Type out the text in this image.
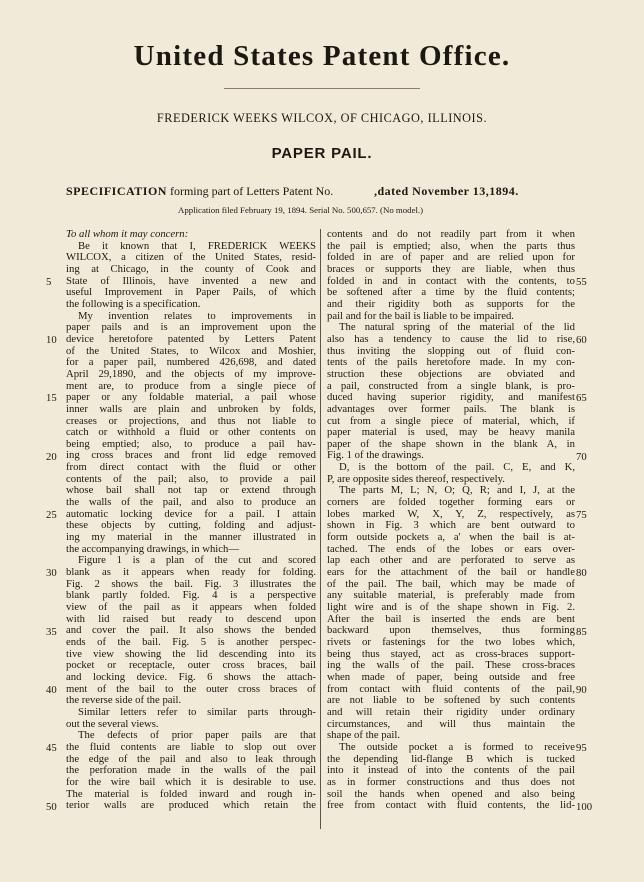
United States Patent Office.
FREDERICK WEEKS WILCOX, OF CHICAGO, ILLINOIS.
PAPER PAIL.
SPECIFICATION forming part of Letters Patent No.	,dated November 13,1894.
Application filed February 19, 1894. Serial No. 500,657. (No model.)
To all whom it may concern:
Be it known that I, FREDERICK WEEKS
WILCOX, a citizen of the United States, resid-
ing at Chicago, in the county of Cook and
State of Illinois, have invented a new and
useful Improvement in Paper Pails, of which
the following is a specification.
My invention relates to improvements in
paper pails and is an improvement upon the
device heretofore patented by Letters Patent
of the United States, to Wilcox and Moshier,
for a paper pail, numbered 426,698, and dated
April 29,1890, and the objects of my improve-
ment are, to produce from a single piece of
paper or any foldable material, a pail whose
inner walls are plain and unbroken by folds,
creases or projections, and thus not liable to
catch or withhold a fluid or other contents on
being emptied; also, to produce a pail hav-
ing cross braces and front lid edge removed
from direct contact with the fluid or other
contents of the pail; also, to provide a pail
whose bail shall not tap or extend through
the walls of the pail, and also to produce an
automatic locking device for a pail. I attain
these objects by cutting, folding and adjust-
ing my material in the manner illustrated in
the accompanying drawings, in which—
Figure 1 is a plan of the cut and scored
blank as it appears when ready for folding.
Fig. 2 shows the bail. Fig. 3 illustrates the
blank partly folded. Fig. 4 is a perspective
view of the pail as it appears when folded
with lid raised but ready to descend upon
and cover the pail. It also shows the bended
ends of the bail. Fig. 5 is another perspec-
tive view showing the lid descending into its
pocket or receptacle, outer cross braces, bail
and locking device. Fig. 6 shows the attach-
ment of the bail to the outer cross braces of
the reverse side of the pail.
Similar letters refer to similar parts through-
out the several views.
The defects of prior paper pails are that
the fluid contents are liable to slop out over
the edge of the pail and also to leak through
the perforation made in the walls of the pail
for the wire bail which it is desirable to use.
The material is folded inward and rough in-
terior walls are produced which retain the
contents and do not readily part from it when
the pail is emptied; also, when the parts thus
folded in are of paper and are relied upon for
braces or supports they are liable, when thus
folded in and in contact with the contents, to
be softened after a time by the fluid contents;
and their rigidity both as supports for the
pail and for the bail is liable to be impaired.
The natural spring of the material of the lid
also has a tendency to cause the lid to rise,
thus inviting the slopping out of fluid con-
tents of the pails heretofore made. In my con-
struction these objections are obviated and
a pail, constructed from a single blank, is pro-
duced having superior rigidity, and manifest
advantages over former pails. The blank is
cut from a single piece of material, which, if
paper material is used, may be heavy manila
paper of the shape shown in the blank A, in
Fig. 1 of the drawings.
D, is the bottom of the pail. C, E, and K,
P, are opposite sides thereof, respectively.
The parts M, L; N, O; Q, R; and I, J, at the
corners are folded together forming ears or
lobes marked W, X, Y, Z, respectively, as
shown in Fig. 3 which are bent outward to
form outside pockets a, a' when the bail is at-
tached. The ends of the lobes or ears over-
lap each other and are perforated to serve as
ears for the attachment of the bail or handle
of the pail. The bail, which may be made of
any suitable material, is preferably made from
light wire and is of the shape shown in Fig. 2.
After the bail is inserted the ends are bent
backward upon themselves, thus forming
rivets or fastenings for the two lobes which,
being thus stayed, act as cross-braces support-
ing the walls of the pail. These cross-braces
when made of paper, being outside and free
from contact with fluid contents of the pail,
are not liable to be softened by such contents
and will retain their rigidity under ordinary
circumstances, and will thus maintain the
shape of the pail.
The outside pocket a is formed to receive
the depending lid-flange B which is tucked
into it instead of into the contents of the pail
as in former constructions and thus does not
soil the hands when opened and also being
free from contact with fluid contents, the lid-
5
10
15
20
25
30
35
40
45
50
55
60
65
70
75
80
85
90
95
100
